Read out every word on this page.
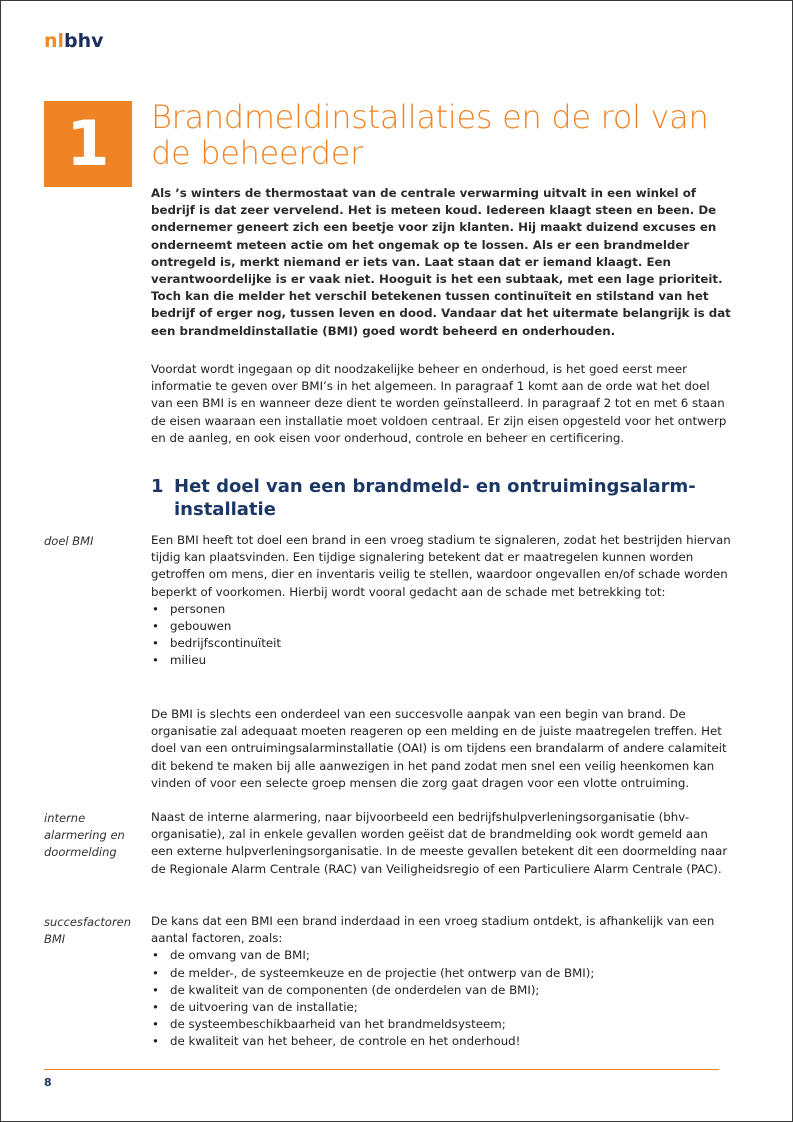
nlbhv
1	Brandmeldinstallaties en de rol van de beheerder
Als ’s winters de thermostaat van de centrale verwarming uitvalt in een winkel of bedrijf is dat zeer vervelend. Het is meteen koud. Iedereen klaagt steen en been. De ondernemer geneert zich een beetje voor zijn klanten. Hij maakt duizend excuses en onderneemt meteen actie om het ongemak op te lossen. Als er een brandmelder ontregeld is, merkt niemand er iets van. Laat staan dat er iemand klaagt. Een verantwoordelijke is er vaak niet. Hooguit is het een subtaak, met een lage prioriteit. Toch kan die melder het verschil betekenen tussen continuïteit en stilstand van het bedrijf of erger nog, tussen leven en dood. Vandaar dat het uitermate belangrijk is dat een brandmeldinstallatie (BMI) goed wordt beheerd en onderhouden.
Voordat wordt ingegaan op dit noodzakelijke beheer en onderhoud, is het goed eerst meer informatie te geven over BMI’s in het algemeen. In paragraaf 1 komt aan de orde wat het doel van een BMI is en wanneer deze dient te worden geïnstalleerd. In paragraaf 2 tot en met 6 staan de eisen waaraan een installatie moet voldoen centraal. Er zijn eisen opgesteld voor het ontwerp en de aanleg, en ook eisen voor onderhoud, controle en beheer en certificering.
1 Het doel van een brandmeld- en ontruimingsalarm-installatie
doel BMI	Een BMI heeft tot doel een brand in een vroeg stadium te signaleren, zodat het bestrijden hiervan tijdig kan plaatsvinden. Een tijdige signalering betekent dat er maatregelen kunnen worden getroffen om mens, dier en inventaris veilig te stellen, waardoor ongevallen en/of schade worden beperkt of voorkomen. Hierbij wordt vooral gedacht aan de schade met betrekking tot:

• personen
• gebouwen
• bedrijfscontinuïteit
• milieu
De BMI is slechts een onderdeel van een succesvolle aanpak van een begin van brand. De organisatie zal adequaat moeten reageren op een melding en de juiste maatregelen treffen. Het doel van een ontruimingsalarminstallatie (OAI) is om tijdens een brandalarm of andere calamiteit dit bekend te maken bij alle aanwezigen in het pand zodat men snel een veilig heenkomen kan vinden of voor een selecte groep mensen die zorg gaat dragen voor een vlotte ontruiming.
interne alarmering en doormelding
Naast de interne alarmering, naar bijvoorbeeld een bedrijfshulpverleningsorganisatie (bhv-organisatie), zal in enkele gevallen worden geëist dat de brandmelding ook wordt gemeld aan een externe hulpverleningsorganisatie. In de meeste gevallen betekent dit een doormelding naar de Regionale Alarm Centrale (RAC) van Veiligheidsregio of een Particuliere Alarm Centrale (PAC).
succesfactoren BMI

De kans dat een BMI een brand inderdaad in een vroeg stadium ontdekt, is afhankelijk van een aantal factoren, zoals:

• de omvang van de BMI;
• de melder-, de systeemkeuze en de projectie (het ontwerp van de BMI);
• de kwaliteit van de componenten (de onderdelen van de BMI);
• de uitvoering van de installatie;
• de systeembeschikbaarheid van het brandmeldsysteem;
• de kwaliteit van het beheer, de controle en het onderhoud!
8
